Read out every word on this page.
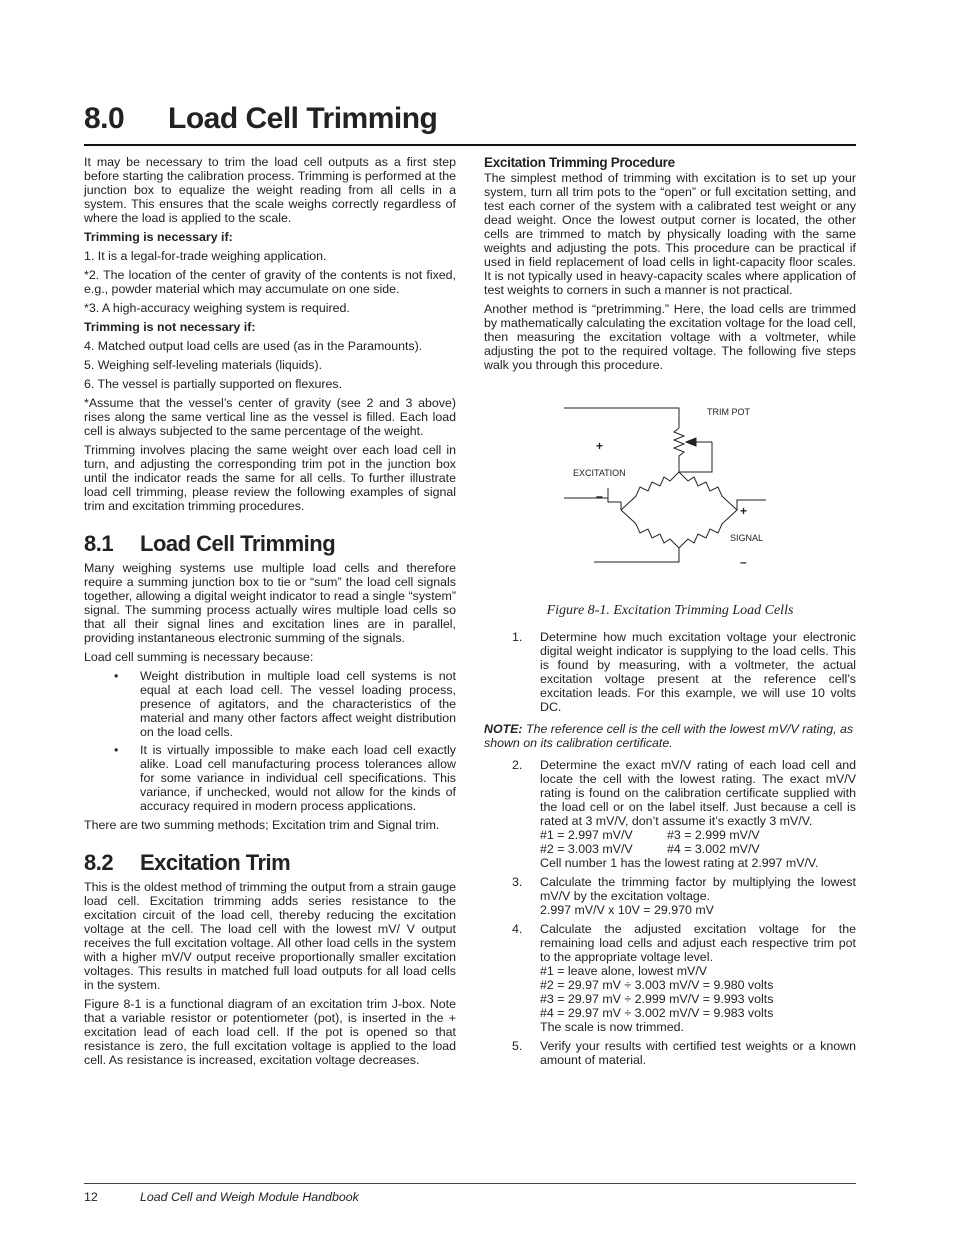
8.0 Load Cell Trimming

It may be necessary to trim the load cell outputs as a first step before starting the calibration process. Trimming is performed at the junction box to equalize the weight reading from all cells in a system. This ensures that the scale weighs correctly regardless of where the load is applied to the scale.

Trimming is necessary if:

1. It is a legal-for-trade weighing application.

*2. The location of the center of gravity of the contents is not fixed, e.g., powder material which may accumulate on one side.

*3. A high-accuracy weighing system is required.

Trimming is not necessary if:

4. Matched output load cells are used (as in the Paramounts).

5. Weighing self-leveling materials (liquids).

6. The vessel is partially supported on flexures.

*Assume that the vessel’s center of gravity (see 2 and 3 above) rises along the same vertical line as the vessel is filled. Each load cell is always subjected to the same percentage of the weight.

Trimming involves placing the same weight over each load cell in turn, and adjusting the corresponding trim pot in the junction box until the indicator reads the same for all cells. To further illustrate load cell trimming, please review the following examples of signal trim and excitation trimming procedures.

8.1 Load Cell Trimming

Many weighing systems use multiple load cells and therefore require a summing junction box to tie or “sum” the load cell signals together, allowing a digital weight indicator to read a single “system” signal. The summing process actually wires multiple load cells so that all their signal lines and excitation lines are in parallel, providing instantaneous electronic summing of the signals.

Load cell summing is necessary because:

• Weight distribution in multiple load cell systems is not equal at each load cell. The vessel loading process, presence of agitators, and the characteristics of the material and many other factors affect weight distribution on the load cells.
• It is virtually impossible to make each load cell exactly alike. Load cell manufacturing process tolerances allow for some variance in individual cell specifications. This variance, if unchecked, would not allow for the kinds of accuracy required in modern process applications.

There are two summing methods; Excitation trim and Signal trim.

8.2 Excitation Trim

This is the oldest method of trimming the output from a strain gauge load cell. Excitation trimming adds series resistance to the excitation circuit of the load cell, thereby reducing the excitation voltage at the cell. The load cell with the lowest mV/ V output receives the full excitation voltage. All other load cells in the system with a higher mV/V output receive proportionally smaller excitation voltages. This results in matched full load outputs for all load cells in the system.

Figure 8-1 is a functional diagram of an excitation trim J-box. Note that a variable resistor or potentiometer (pot), is inserted in the + excitation lead of each load cell. If the pot is opened so that resistance is zero, the full excitation voltage is applied to the load cell. As resistance is increased, excitation voltage decreases.

Excitation Trimming Procedure

The simplest method of trimming with excitation is to set up your system, turn all trim pots to the “open” or full excitation setting, and test each corner of the system with a calibrated test weight or any dead weight. Once the lowest output corner is located, the other cells are trimmed to match by physically loading with the same weights and adjusting the pots. This procedure can be practical if used in field replacement of load cells in light-capacity floor scales. It is not typically used in heavy-capacity scales where application of test weights to corners in such a manner is not practical.

Another method is “pretrimming.” Here, the load cells are trimmed by mathematically calculating the excitation voltage for the load cell, then measuring the excitation voltage with a voltmeter, while adjusting the pot to the required voltage. The following five steps walk you through this procedure.

TRIM POT
+
EXCITATION
–
+
SIGNAL
–
Figure 8-1. Excitation Trimming Load Cells
1. Determine how much excitation voltage your electronic digital weight indicator is supplying to the load cells. This is found by measuring, with a voltmeter, the actual excitation voltage present at the reference cell’s excitation leads. For this example, we will use 10 volts DC.

NOTE: The reference cell is the cell with the lowest mV/V rating, as shown on its calibration certificate.

2. Determine the exact mV/V rating of each load cell and locate the cell with the lowest rating. The exact mV/V rating is found on the calibration certificate supplied with the load cell or on the label itself. Just because a cell is rated at 3 mV/V, don’t assume it’s exactly 3 mV/V.
#1 = 2.997 mV/V	#3 = 2.999 mV/V
#2 = 3.003 mV/V	#4 = 3.002 mV/V
Cell number 1 has the lowest rating at 2.997 mV/V.
3. Calculate the trimming factor by multiplying the lowest mV/V by the excitation voltage.
2.997 mV/V x 10V = 29.970 mV
4. Calculate the adjusted excitation voltage for the remaining load cells and adjust each respective trim pot to the appropriate voltage level.
#1 = leave alone, lowest mV/V
#2 = 29.97 mV ÷ 3.003 mV/V = 9.980 volts
#3 = 29.97 mV ÷ 2.999 mV/V = 9.993 volts
#4 = 29.97 mV ÷ 3.002 mV/V = 9.983 volts
The scale is now trimmed.
5. Verify your results with certified test weights or a known amount of material.
12	Load Cell and Weigh Module Handbook
